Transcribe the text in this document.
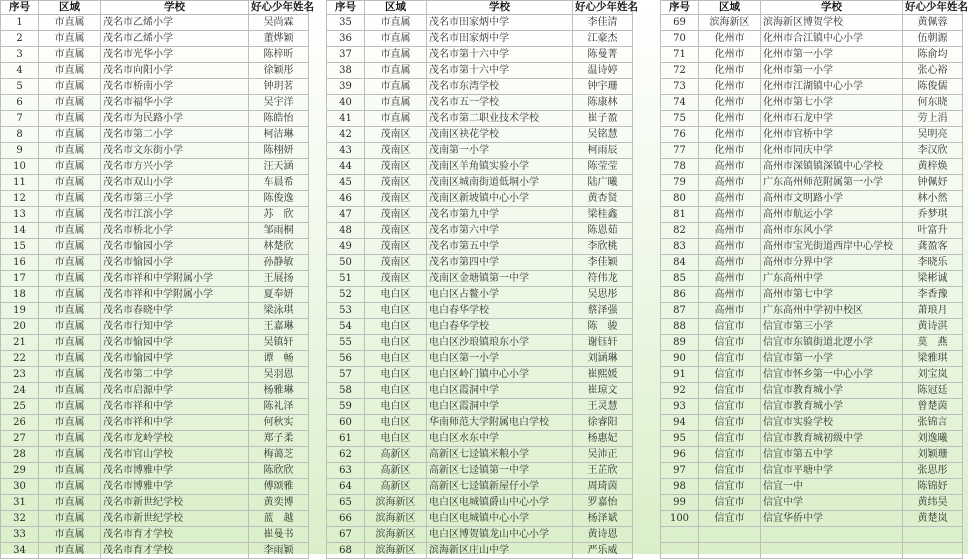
序号	区域	学校	好心少年姓名
1	市直属	茂名市乙烯小学	吴尚霖
2	市直属	茂名市乙烯小学	董烨颖
3	市直属	茂名市光华小学	陈梓昕
4	市直属	茂名市向阳小学	徐颖彤
5	市直属	茂名市桥南小学	钟玥茗
6	市直属	茂名市福华小学	吴宇洋
7	市直属	茂名市为民路小学	陈皓怡
8	市直属	茂名市第二小学	柯洁琳
9	市直属	茂名市文东街小学	陈栩妍
10	市直属	茂名市方兴小学	汪天涵
11	市直属	茂名市双山小学	车晨希
12	市直属	茂名市第三小学	陈俊逸
13	市直属	茂名市江滨小学	苏　欣
14	市直属	茂名市桥北小学	邹雨桐
15	市直属	茂名市愉园小学	林楚欣
16	市直属	茂名市愉园小学	孙静敏
17	市直属	茂名市祥和中学附属小学	王展扬
18	市直属	茂名市祥和中学附属小学	夏奉妍
19	市直属	茂名市春晓中学	梁泳琪
20	市直属	茂名市行知中学	王嘉琳
21	市直属	茂名市愉园中学	吴镇轩
22	市直属	茂名市愉园中学	谭　畅
23	市直属	茂名市第二中学	吴羽恩
24	市直属	茂名市启源中学	杨雅琳
25	市直属	茂名市祥和中学	陈礼泽
26	市直属	茂名市祥和中学	何秋实
27	市直属	茂名市龙岭学校	郑子柔
28	市直属	茂名市官山学校	梅蔼芝
29	市直属	茂名市博雅中学	陈欣欣
30	市直属	茂名市博雅中学	傅颂雅
31	市直属	茂名市新世纪学校	黄奕博
32	市直属	茂名市新世纪学校	蓝　越
33	市直属	茂名市育才学校	崔曼书
34	市直属	茂名市育才学校	李雨颖
序号	区域	学校	好心少年姓名
35	市直属	茂名市田家炳中学	李佳清
36	市直属	茂名市田家炳中学	江豪杰
37	市直属	茂名市第十六中学	陈曼菁
38	市直属	茂名市第十六中学	温诗婷
39	市直属	茂名市东湾学校	钟宇珊
40	市直属	茂名市五一学校	陈康林
41	市直属	茂名市第二职业技术学校	崔子盈
42	茂南区	茂南区袂花学校	吴铭慧
43	茂南区	茂南第一小学	柯雨辰
44	茂南区	茂南区羊角镇实验小学	陈莹莹
45	茂南区	茂南区城南街道低垌小学	陆广曦
46	茂南区	茂南区新坡镇中心小学	黄杏贤
47	茂南区	茂名市第九中学	梁桂鑫
48	茂南区	茂名市第六中学	陈恩茹
49	茂南区	茂名市第五中学	李欣桃
50	茂南区	茂名市第四中学	李佳颖
51	茂南区	茂南区金塘镇第一中学	符伟龙
52	电白区	电白区占鳌小学	吴思彤
53	电白区	电白春华学校	蔡泽强
54	电白区	电白春华学校	陈　骏
55	电白区	电白区沙琅镇琅东小学	谢钰轩
56	电白区	电白区第一小学	刘涵琳
57	电白区	电白区岭门镇中心小学	崔熙媛
58	电白区	电白区霞洞中学	崔琼文
59	电白区	电白区霞洞中学	王灵慧
60	电白区	华南师范大学附属电白学校	徐睿阳
61	电白区	电白区水东中学	杨惠妃
62	高新区	高新区七迳镇米粮小学	吴沛正
63	高新区	高新区七迳镇第一中学	王芷欣
64	高新区	高新区七迳镇新屋仔小学	周琦茵
65	滨海新区	电白区电城镇爵山中心小学	罗嘉怡
66	滨海新区	电白区电城镇中心小学	杨泽斌
67	滨海新区	电白区博贺镇龙山中心小学	黄诗恩
68	滨海新区	滨海新区庄山中学	严乐威
序号	区域	学校	好心少年姓名
69	滨海新区	滨海新区博贺学校	黄佩蓉
70	化州市	化州市合江镇中心小学	伍朝源
71	化州市	化州市第一小学	陈俞均
72	化州市	化州市第一小学	张心裕
73	化州市	化州市江湖镇中心小学	陈俊儒
74	化州市	化州市第七小学	何东晓
75	化州市	化州市石龙中学	劳上涓
76	化州市	化州市官桥中学	吴明亮
77	化州市	化州市同庆中学	李汉欣
78	高州市	高州市深镇镇深镇中心学校	黄梓焕
79	高州市	广东高州师范附属第一小学	钟佩妤
80	高州市	高州市文明路小学	林小然
81	高州市	高州市航运小学	乔梦琪
82	高州市	高州市东风小学	叶富升
83	高州市	高州市宝光街道西岸中心学校	龚盈客
84	高州市	高州市分界中学	李晓乐
85	高州市	广东高州中学	梁彬诚
86	高州市	高州市第七中学	李香豫
87	高州市	广东高州中学初中校区	萧琅月
88	信宜市	信宜市第三小学	黄诗淇
89	信宜市	信宜市东镇街道北逻小学	莫　燕
90	信宜市	信宜市第一小学	梁雅琪
91	信宜市	信宜市怀乡第一中心小学	刘宝岚
92	信宜市	信宜市教育城小学	陈冠廷
93	信宜市	信宜市教育城小学	曾楚茵
94	信宜市	信宜市实验学校	张锦言
95	信宜市	信宜市教育城初级中学	刘逸曦
96	信宜市	信宜市第五中学	刘颖珊
97	信宜市	信宜市平塘中学	张思彤
98	信宜市	信宜一中	陈锦妤
99	信宜市	信宜中学	黄纬昊
100	信宜市	信宜华侨中学	黄楚岚
